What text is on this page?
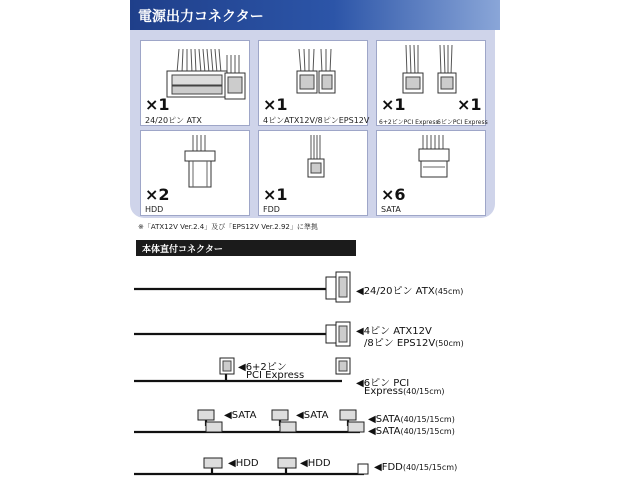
電源出力コネクター
×1
24/20ピン ATX
×1
4ピンATX12V/8ピンEPS12V
×1	×1
6+2ピンPCI Express
6ピンPCI Express
×2
HDD
×1
FDD
×6
SATA
※「ATX12V Ver.2.4」及び「EPS12V Ver.2.92」に準拠
本体直付コネクター
◀24/20ピン ATX(45cm)
◀4ピン ATX12V
/8ピン EPS12V(50cm)
◀6+2ピン
PCI Express
◀6ピン PCI
Express(40/15cm)
◀SATA	◀SATA	◀SATA(40/15/15cm)
◀SATA(40/15/15cm)
◀HDD	◀HDD	◀FDD(40/15/15cm)
